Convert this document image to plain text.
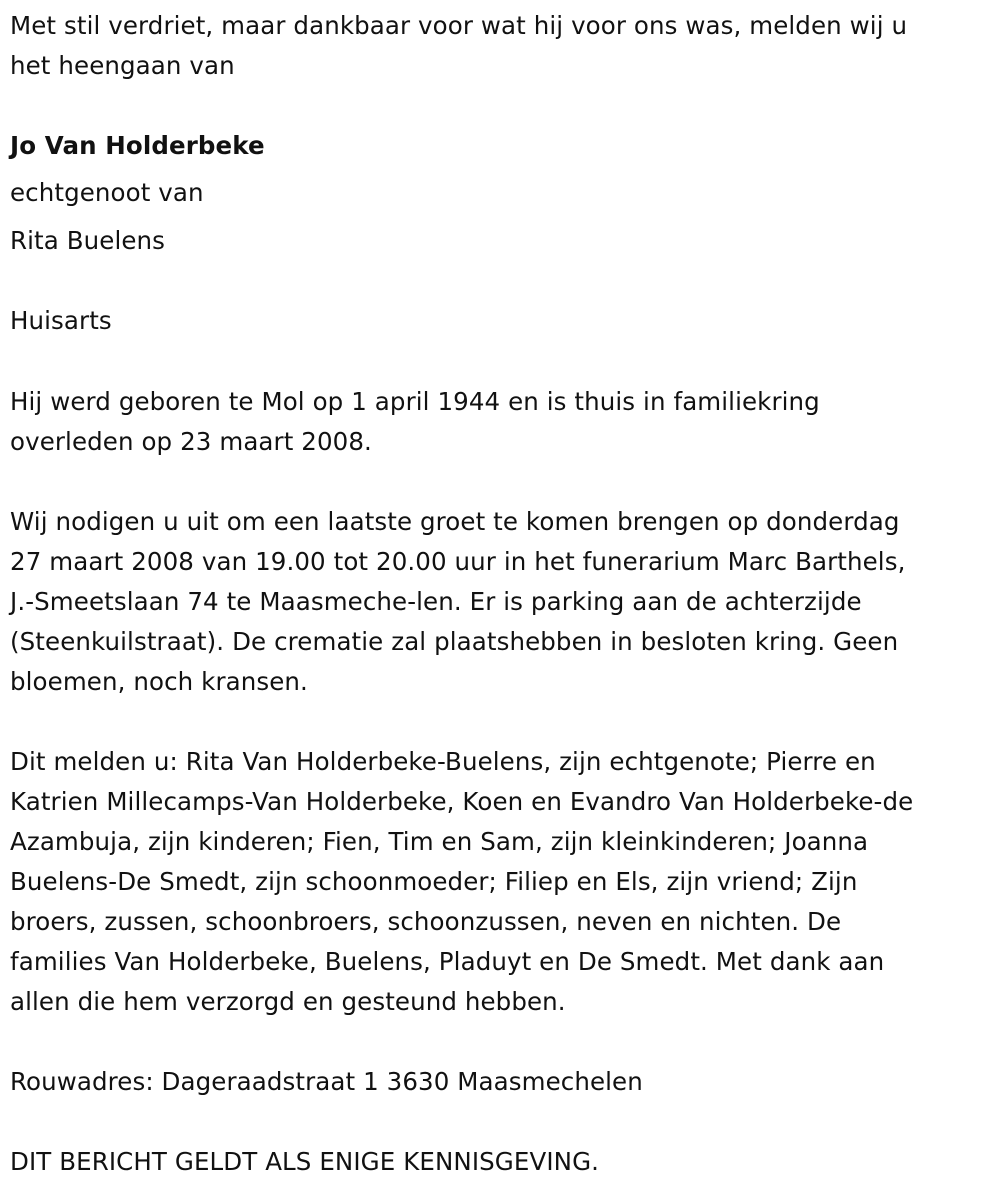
Met stil verdriet, maar dankbaar voor wat hij voor ons was, melden wij u

het heengaan van

Jo Van Holderbeke

echtgenoot van

Rita Buelens

Huisarts

Hij werd geboren te Mol op 1 april 1944 en is thuis in familiekring

overleden op 23 maart 2008.

Wij nodigen u uit om een laatste groet te komen brengen op donderdag

27 maart 2008 van 19.00 tot 20.00 uur in het funerarium Marc Barthels,

J.-Smeetslaan 74 te Maasmeche-len. Er is parking aan de achterzijde

(Steenkuilstraat). De crematie zal plaatshebben in besloten kring. Geen

bloemen, noch kransen.

Dit melden u: Rita Van Holderbeke-Buelens, zijn echtgenote; Pierre en

Katrien Millecamps-Van Holderbeke, Koen en Evandro Van Holderbeke-de

Azambuja, zijn kinderen; Fien, Tim en Sam, zijn kleinkinderen; Joanna

Buelens-De Smedt, zijn schoonmoeder; Filiep en Els, zijn vriend; Zijn

broers, zussen, schoonbroers, schoonzussen, neven en nichten. De

families Van Holderbeke, Buelens, Pladuyt en De Smedt. Met dank aan

allen die hem verzorgd en gesteund hebben.

Rouwadres: Dageraadstraat 1 3630 Maasmechelen

DIT BERICHT GELDT ALS ENIGE KENNISGEVING.
